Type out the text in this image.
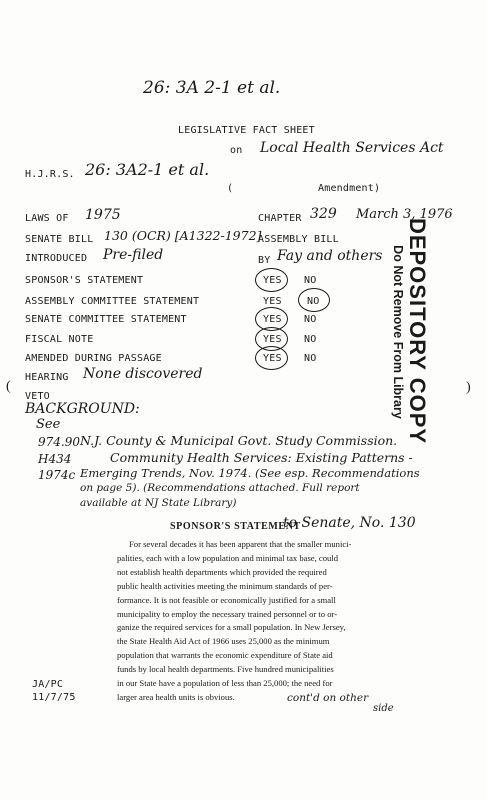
26: 3A 2-1 et al.
LEGISLATIVE FACT SHEET
on Local Health Services Act
H.J.R.S. 26: 3A2-1 et al.
(	Amendment)
LAWS OF 1975	CHAPTER 329 March 3, 1976
SENATE BILL 130 (OCR) [A1322-1972]
ASSEMBLY BILL
INTRODUCED Pre-filed	BY Fay and others
SPONSOR'S STATEMENT	YES NO
ASSEMBLY COMMITTEE STATEMENT	YES	NO
SENATE COMMITTEE STATEMENT	YES NO
FISCAL NOTE	YES NO
AMENDED DURING PASSAGE	YES NO
HEARING None discovered
VETO
BACKGROUND:
See
974.90 N.J. County & Municipal Govt. Study Commission.
H434	Community Health Services: Existing Patterns -
1974c Emerging Trends, Nov. 1974. (See esp. Recommendations
on page 5). (Recommendations attached. Full report
available at NJ State Library)
(	)
DEPOSITORY COPY
Do Not Remove From Library
SPONSOR'S STATEMENT
to Senate, No. 130
For several decades it has been apparent that the smaller munici-
palities, each with a low population and minimal tax base, could
not establish health departments which provided the required
public health activities meeting the minimum standards of per-
formance. It is not feasible or economically justified for a small
municipality to employ the necessary trained personnel or to or-
ganize the required services for a small population. In New Jersey,
the State Health Aid Act of 1966 uses 25,000 as the minimum
population that warrants the economic expenditure of State aid
funds by local health departments. Five hundred municipalities
in our State have a population of less than 25,000; the need for
larger area health units is obvious.	cont'd on other
side
JA/PC
11/7/75
